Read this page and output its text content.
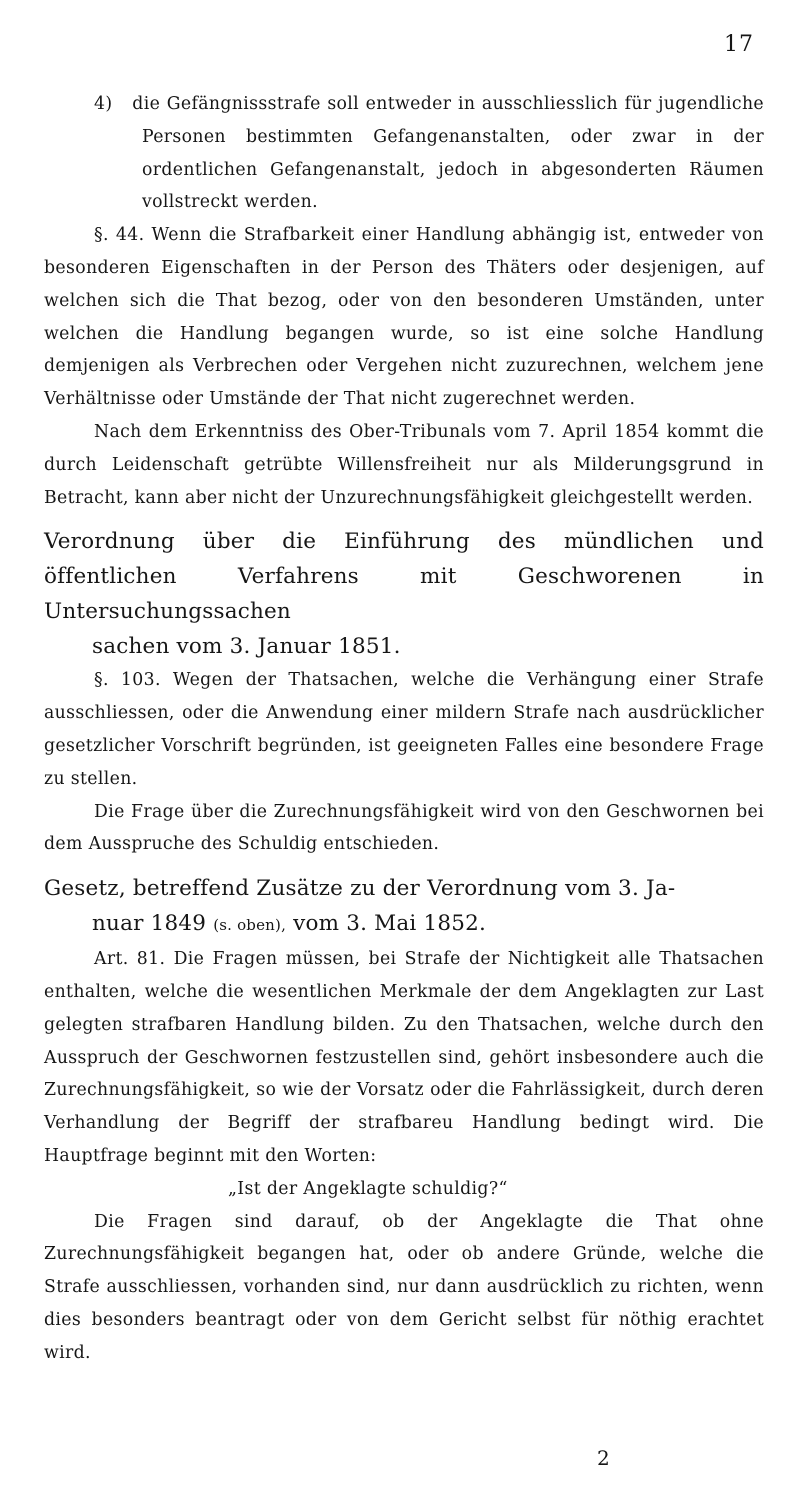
17

4) die Gefängnissstrafe soll entweder in ausschliesslich für jugendliche Personen bestimmten Gefangenanstalten, oder zwar in der ordentlichen Gefangenanstalt, jedoch in abgesonderten Räumen vollstreckt werden.

§. 44. Wenn die Strafbarkeit einer Handlung abhängig ist, entweder von besonderen Eigenschaften in der Person des Thäters oder desjenigen, auf welchen sich die That bezog, oder von den besonderen Umständen, unter welchen die Handlung begangen wurde, so ist eine solche Handlung demjenigen als Verbrechen oder Vergehen nicht zuzurechnen, welchem jene Verhältnisse oder Umstände der That nicht zugerechnet werden.

Nach dem Erkenntniss des Ober-Tribunals vom 7. April 1854 kommt die durch Leidenschaft getrübte Willensfreiheit nur als Milderungsgrund in Betracht, kann aber nicht der Unzurechnungsfähigkeit gleichgestellt werden.

Verordnung über die Einführung des mündlichen und öffentlichen Verfahrens mit Geschworenen in Untersuchungssachen
sachen vom 3. Januar 1851.

§. 103. Wegen der Thatsachen, welche die Verhängung einer Strafe ausschliessen, oder die Anwendung einer mildern Strafe nach ausdrücklicher gesetzlicher Vorschrift begründen, ist geeigneten Falles eine besondere Frage zu stellen.

Die Frage über die Zurechnungsfähigkeit wird von den Geschwornen bei dem Ausspruche des Schuldig entschieden.

Gesetz, betreffend Zusätze zu der Verordnung vom 3. Ja-
nuar 1849 (s. oben), vom 3. Mai 1852.

Art. 81. Die Fragen müssen, bei Strafe der Nichtigkeit alle Thatsachen enthalten, welche die wesentlichen Merkmale der dem Angeklagten zur Last gelegten strafbaren Handlung bilden. Zu den Thatsachen, welche durch den Ausspruch der Geschwornen festzustellen sind, gehört insbesondere auch die Zurechnungsfähigkeit, so wie der Vorsatz oder die Fahrlässigkeit, durch deren Verhandlung der Begriff der strafbareu Handlung bedingt wird. Die Hauptfrage beginnt mit den Worten:

„Ist der Angeklagte schuldig?“

Die Fragen sind darauf, ob der Angeklagte die That ohne Zurechnungsfähigkeit begangen hat, oder ob andere Gründe, welche die Strafe ausschliessen, vorhanden sind, nur dann ausdrücklich zu richten, wenn dies besonders beantragt oder von dem Gericht selbst für nöthig erachtet wird.

2
